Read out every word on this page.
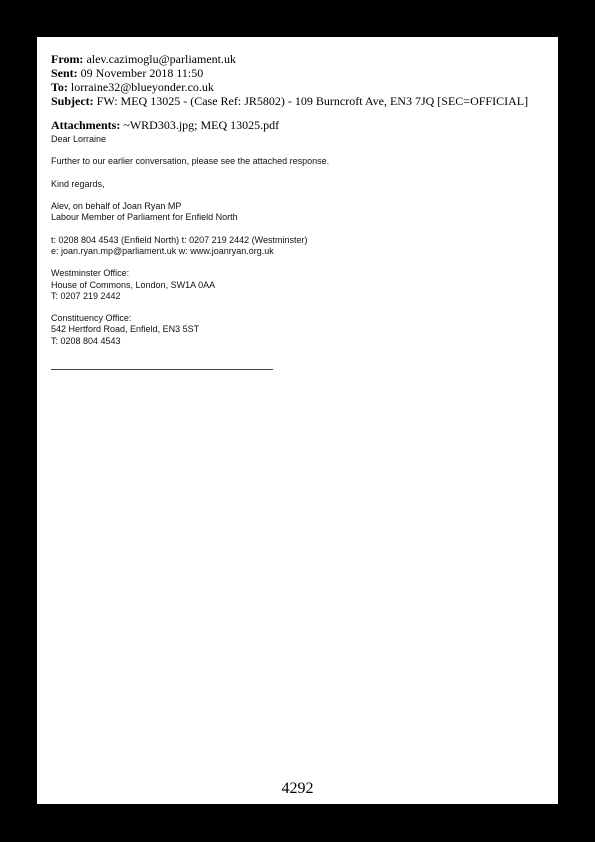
From: alev.cazimoglu@parliament.uk
Sent: 09 November 2018 11:50
To: lorraine32@blueyonder.co.uk
Subject: FW: MEQ 13025 - (Case Ref: JR5802) - 109 Burncroft Ave, EN3 7JQ [SEC=OFFICIAL]
Attachments: ~WRD303.jpg; MEQ 13025.pdf

Dear Lorraine

Further to our earlier conversation, please see the attached response.

Kind regards,

Alev, on behalf of Joan Ryan MP
Labour Member of Parliament for Enfield North

t: 0208 804 4543 (Enfield North) t: 0207 219 2442 (Westminster)
e: joan.ryan.mp@parliament.uk w: www.joanryan.org.uk

Westminster Office:
House of Commons, London, SW1A 0AA
T: 0207 219 2442

Constituency Office:
542 Hertford Road, Enfield, EN3 5ST
T: 0208 804 4543

4292
